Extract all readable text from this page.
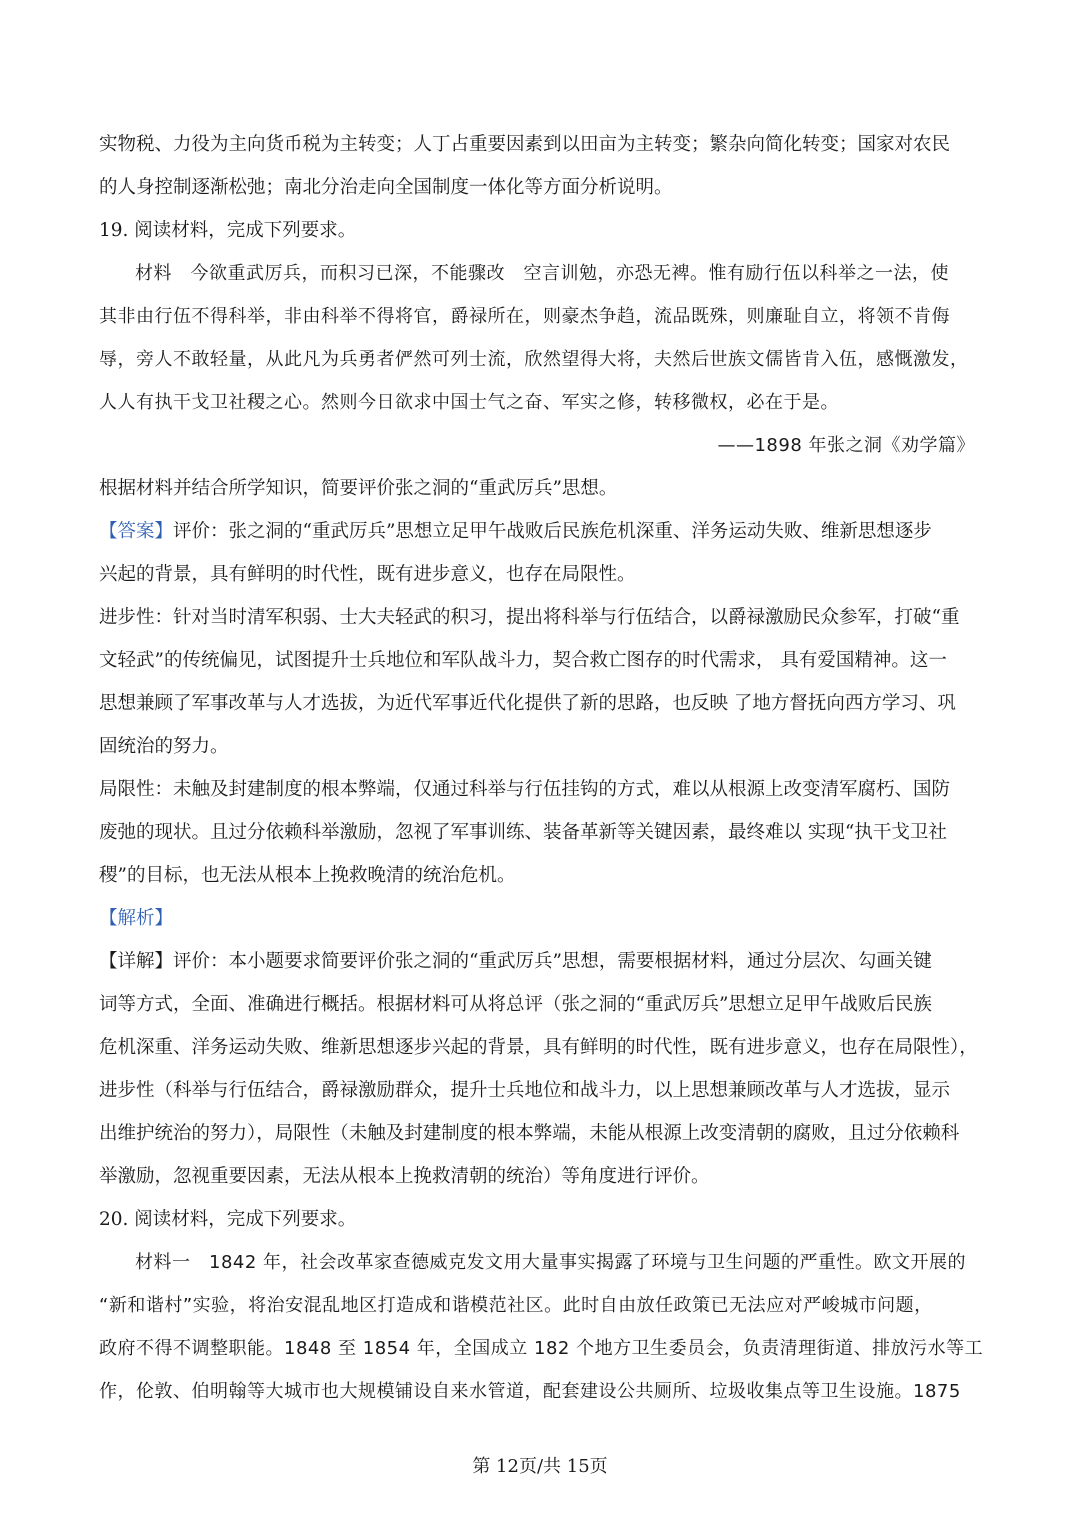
实物税、力役为主向货币税为主转变；人丁占重要因素到以田亩为主转变；繁杂向简化转变；国家对农民
的人身控制逐渐松弛；南北分治走向全国制度一体化等方面分析说明。
19. 阅读材料，完成下列要求。
材料　今欲重武厉兵，而积习已深，不能骤改　空言训勉，亦恐无裨。惟有励行伍以科举之一法，使
其非由行伍不得科举，非由科举不得将官，爵禄所在，则豪杰争趋，流品既殊，则廉耻自立，将领不肯侮
辱，旁人不敢轻量，从此凡为兵勇者俨然可列士流，欣然望得大将，夫然后世族文儒皆肯入伍，感慨激发，
人人有执干戈卫社稷之心。然则今日欲求中国士气之奋、军实之修，转移微权，必在于是。
——1898 年张之洞《劝学篇》
根据材料并结合所学知识，简要评价张之洞的“重武厉兵”思想。
【答案】评价：张之洞的“重武厉兵”思想立足甲午战败后民族危机深重、洋务运动失败、维新思想逐步
兴起的背景，具有鲜明的时代性，既有进步意义，也存在局限性。
进步性：针对当时清军积弱、士大夫轻武的积习，提出将科举与行伍结合，以爵禄激励民众参军，打破“重
文轻武”的传统偏见，试图提升士兵地位和军队战斗力，契合救亡图存的时代需求， 具有爱国精神。这一
思想兼顾了军事改革与人才选拔，为近代军事近代化提供了新的思路，也反映 了地方督抚向西方学习、巩
固统治的努力。
局限性：未触及封建制度的根本弊端，仅通过科举与行伍挂钩的方式，难以从根源上改变清军腐朽、国防
废弛的现状。且过分依赖科举激励，忽视了军事训练、装备革新等关键因素，最终难以 实现“执干戈卫社
稷”的目标，也无法从根本上挽救晚清的统治危机。
【解析】
【详解】评价：本小题要求简要评价张之洞的“重武厉兵”思想，需要根据材料，通过分层次、勾画关键
词等方式，全面、准确进行概括。根据材料可从将总评（张之洞的“重武厉兵”思想立足甲午战败后民族
危机深重、洋务运动失败、维新思想逐步兴起的背景，具有鲜明的时代性，既有进步意义，也存在局限性），
进步性（科举与行伍结合，爵禄激励群众，提升士兵地位和战斗力，以上思想兼顾改革与人才选拔，显示
出维护统治的努力），局限性（未触及封建制度的根本弊端，未能从根源上改变清朝的腐败，且过分依赖科
举激励，忽视重要因素，无法从根本上挽救清朝的统治）等角度进行评价。
20. 阅读材料，完成下列要求。
材料一　1842 年，社会改革家查德威克发文用大量事实揭露了环境与卫生问题的严重性。欧文开展的
“新和谐村”实验，将治安混乱地区打造成和谐模范社区。此时自由放任政策已无法应对严峻城市问题，
政府不得不调整职能。1848 至 1854 年，全国成立 182 个地方卫生委员会，负责清理街道、排放污水等工
作，伦敦、伯明翰等大城市也大规模铺设自来水管道，配套建设公共厕所、垃圾收集点等卫生设施。1875
第 12页/共 15页
